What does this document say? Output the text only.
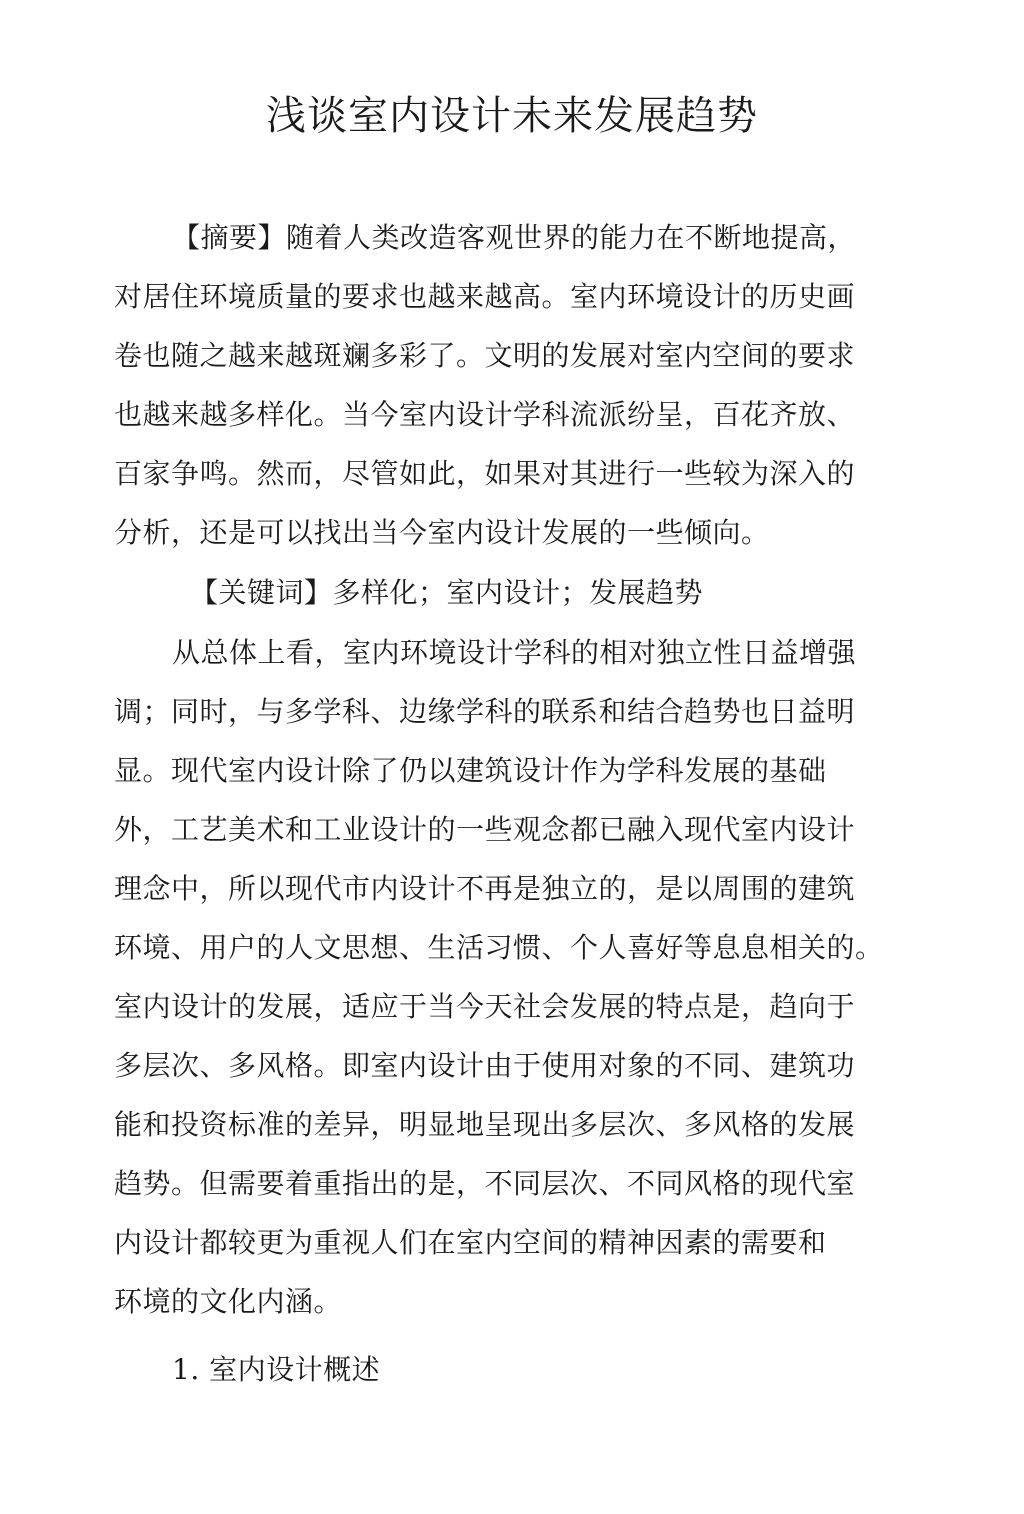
浅谈室内设计未来发展趋势
【摘要】随着人类改造客观世界的能力在不断地提高，
对居住环境质量的要求也越来越高。室内环境设计的历史画
卷也随之越来越斑斓多彩了。文明的发展对室内空间的要求
也越来越多样化。当今室内设计学科流派纷呈，百花齐放、
百家争鸣。然而，尽管如此，如果对其进行一些较为深入的
分析，还是可以找出当今室内设计发展的一些倾向。
【关键词】多样化；室内设计；发展趋势
从总体上看，室内环境设计学科的相对独立性日益增强
调；同时，与多学科、边缘学科的联系和结合趋势也日益明
显。现代室内设计除了仍以建筑设计作为学科发展的基础
外，工艺美术和工业设计的一些观念都已融入现代室内设计
理念中，所以现代市内设计不再是独立的，是以周围的建筑
环境、用户的人文思想、生活习惯、个人喜好等息息相关的。
室内设计的发展，适应于当今天社会发展的特点是，趋向于
多层次、多风格。即室内设计由于使用对象的不同、建筑功
能和投资标准的差异，明显地呈现出多层次、多风格的发展
趋势。但需要着重指出的是，不同层次、不同风格的现代室
内设计都较更为重视人们在室内空间的精神因素的需要和
环境的文化内涵。
1. 室内设计概述
